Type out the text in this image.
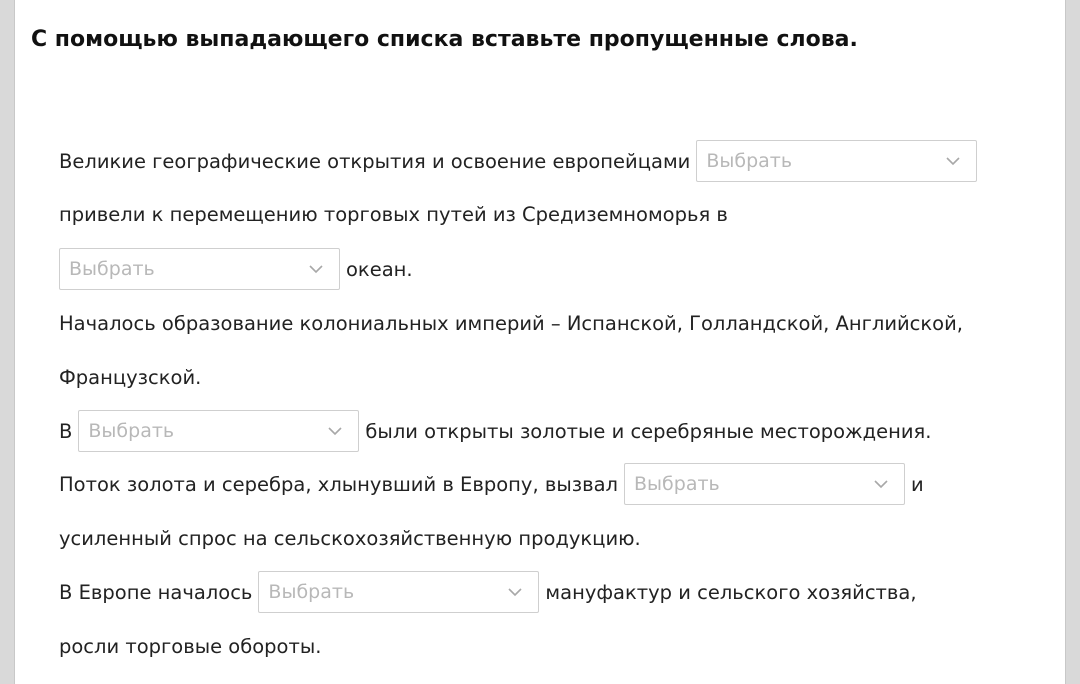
С помощью выпадающего списка вставьте пропущенные слова.
Великие географические открытия и освоение европейцами Выбрать
привели к перемещению торговых путей из Средиземноморья в
Выбрать	океан.
Началось образование колониальных империй – Испанской, Голландской, Английской,
Французской.
В Выбрать	были открыты золотые и серебряные месторождения.
Поток золота и серебра, хлынувший в Европу, вызвал Выбрать	и
усиленный спрос на сельскохозяйственную продукцию.
В Европе началось Выбрать	мануфактур и сельского хозяйства,
росли торговые обороты.
